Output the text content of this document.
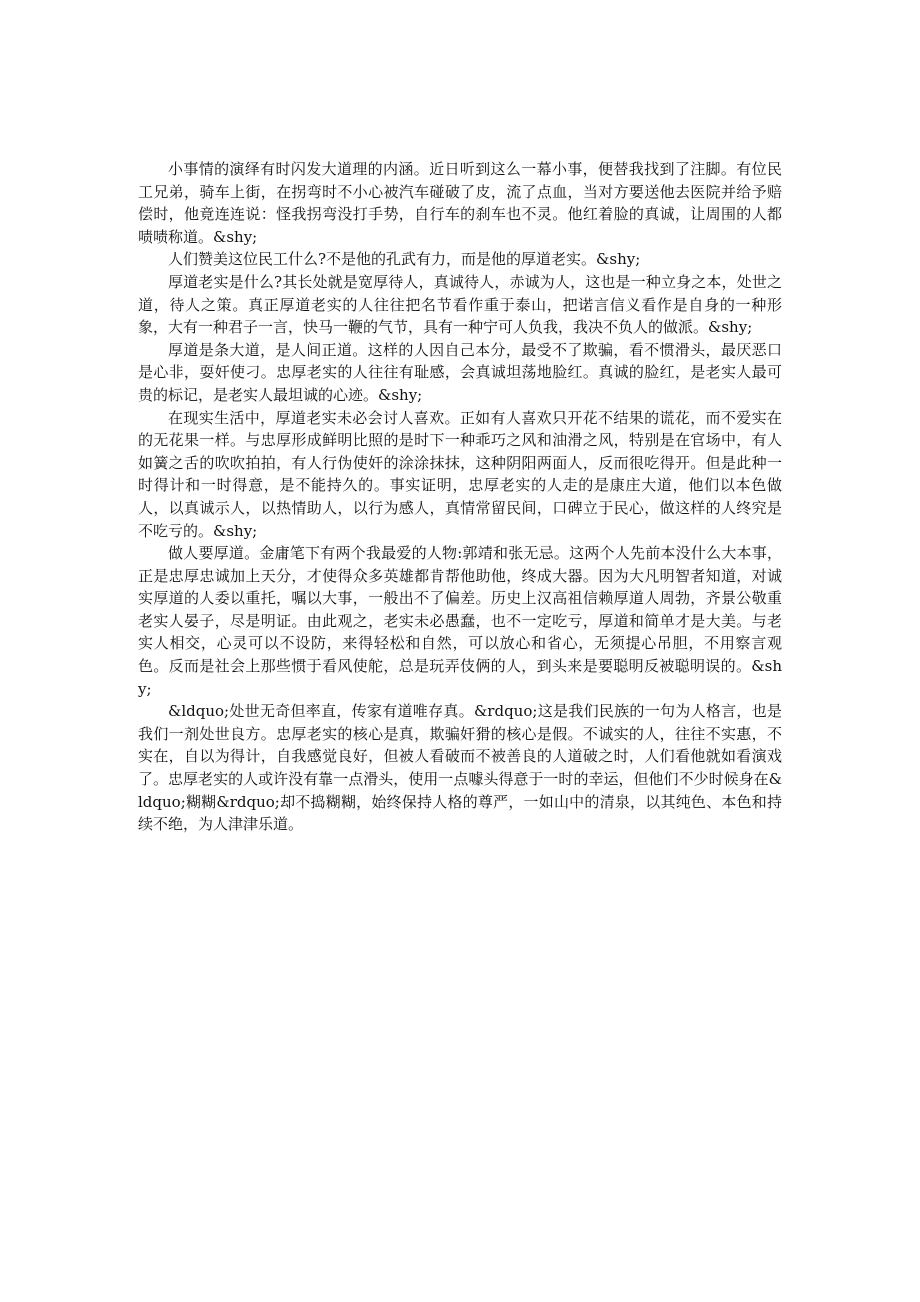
小事情的演绎有时闪发大道理的内涵。近日听到这么一幕小事，便替我找到了注脚。有位民工兄弟，骑车上街，在拐弯时不小心被汽车碰破了皮，流了点血，当对方要送他去医院并给予赔偿时，他竟连连说：怪我拐弯没打手势，自行车的刹车也不灵。他红着脸的真诚，让周围的人都啧啧称道。&shy;

人们赞美这位民工什么?不是他的孔武有力，而是他的厚道老实。&shy;

厚道老实是什么?其长处就是宽厚待人，真诚待人，赤诚为人，这也是一种立身之本，处世之道，待人之策。真正厚道老实的人往往把名节看作重于泰山，把诺言信义看作是自身的一种形象，大有一种君子一言，快马一鞭的气节，具有一种宁可人负我，我决不负人的做派。&shy;

厚道是条大道，是人间正道。这样的人因自己本分，最受不了欺骗，看不惯滑头，最厌恶口是心非，耍奸使刁。忠厚老实的人往往有耻感，会真诚坦荡地脸红。真诚的脸红，是老实人最可贵的标记，是老实人最坦诚的心迹。&shy;

在现实生活中，厚道老实未必会讨人喜欢。正如有人喜欢只开花不结果的谎花，而不爱实在的无花果一样。与忠厚形成鲜明比照的是时下一种乖巧之风和油滑之风，特别是在官场中，有人如簧之舌的吹吹拍拍，有人行伪使奸的涂涂抹抹，这种阴阳两面人，反而很吃得开。但是此种一时得计和一时得意，是不能持久的。事实证明，忠厚老实的人走的是康庄大道，他们以本色做人，以真诚示人，以热情助人，以行为感人，真情常留民间，口碑立于民心，做这样的人终究是不吃亏的。&shy;

做人要厚道。金庸笔下有两个我最爱的人物:郭靖和张无忌。这两个人先前本没什么大本事，正是忠厚忠诚加上天分，才使得众多英雄都肯帮他助他，终成大器。因为大凡明智者知道，对诚实厚道的人委以重托，嘱以大事，一般出不了偏差。历史上汉高祖信赖厚道人周勃，齐景公敬重老实人晏子，尽是明证。由此观之，老实未必愚蠢，也不一定吃亏，厚道和简单才是大美。与老实人相交，心灵可以不设防，来得轻松和自然，可以放心和省心，无须提心吊胆，不用察言观色。反而是社会上那些惯于看风使舵，总是玩弄伎俩的人，到头来是要聪明反被聪明误的。&shy;

&ldquo;处世无奇但率直，传家有道唯存真。&rdquo;这是我们民族的一句为人格言，也是我们一剂处世良方。忠厚老实的核心是真，欺骗奸猾的核心是假。不诚实的人，往往不实惠，不实在，自以为得计，自我感觉良好，但被人看破而不被善良的人道破之时，人们看他就如看演戏了。忠厚老实的人或许没有靠一点滑头，使用一点噱头得意于一时的幸运，但他们不少时候身在&ldquo;糊糊&rdquo;却不捣糊糊，始终保持人格的尊严，一如山中的清泉，以其纯色、本色和持续不绝，为人津津乐道。
